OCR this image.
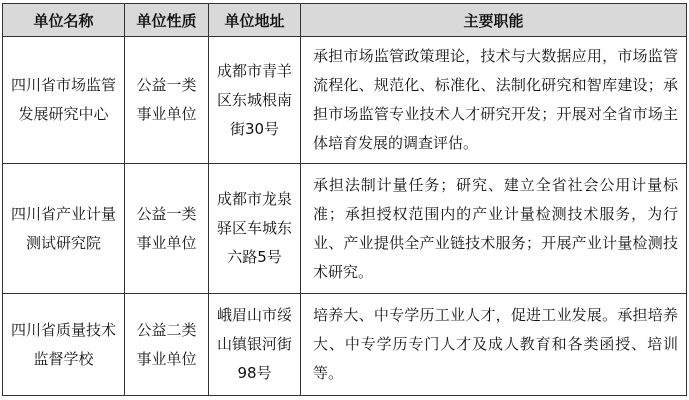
单位名称	单位性质	单位地址	主要职能
四川省市场监管发展研究中心	公益一类事业单位	成都市青羊区东城根南街30号	承担市场监管政策理论，技术与大数据应用，市场监管流程化、规范化、标准化、法制化研究和智库建设；承担市场监管专业技术人才研究开发；开展对全省市场主体培育发展的调查评估。
四川省产业计量测试研究院	公益一类事业单位	成都市龙泉驿区车城东六路5号	承担法制计量任务；研究、建立全省社会公用计量标准；承担授权范围内的产业计量检测技术服务，为行业、产业提供全产业链技术服务；开展产业计量检测技术研究。
四川省质量技术监督学校	公益二类事业单位	峨眉山市绥山镇银河街98号	培养大、中专学历工业人才，促进工业发展。承担培养大、中专学历专门人才及成人教育和各类函授、培训等。
